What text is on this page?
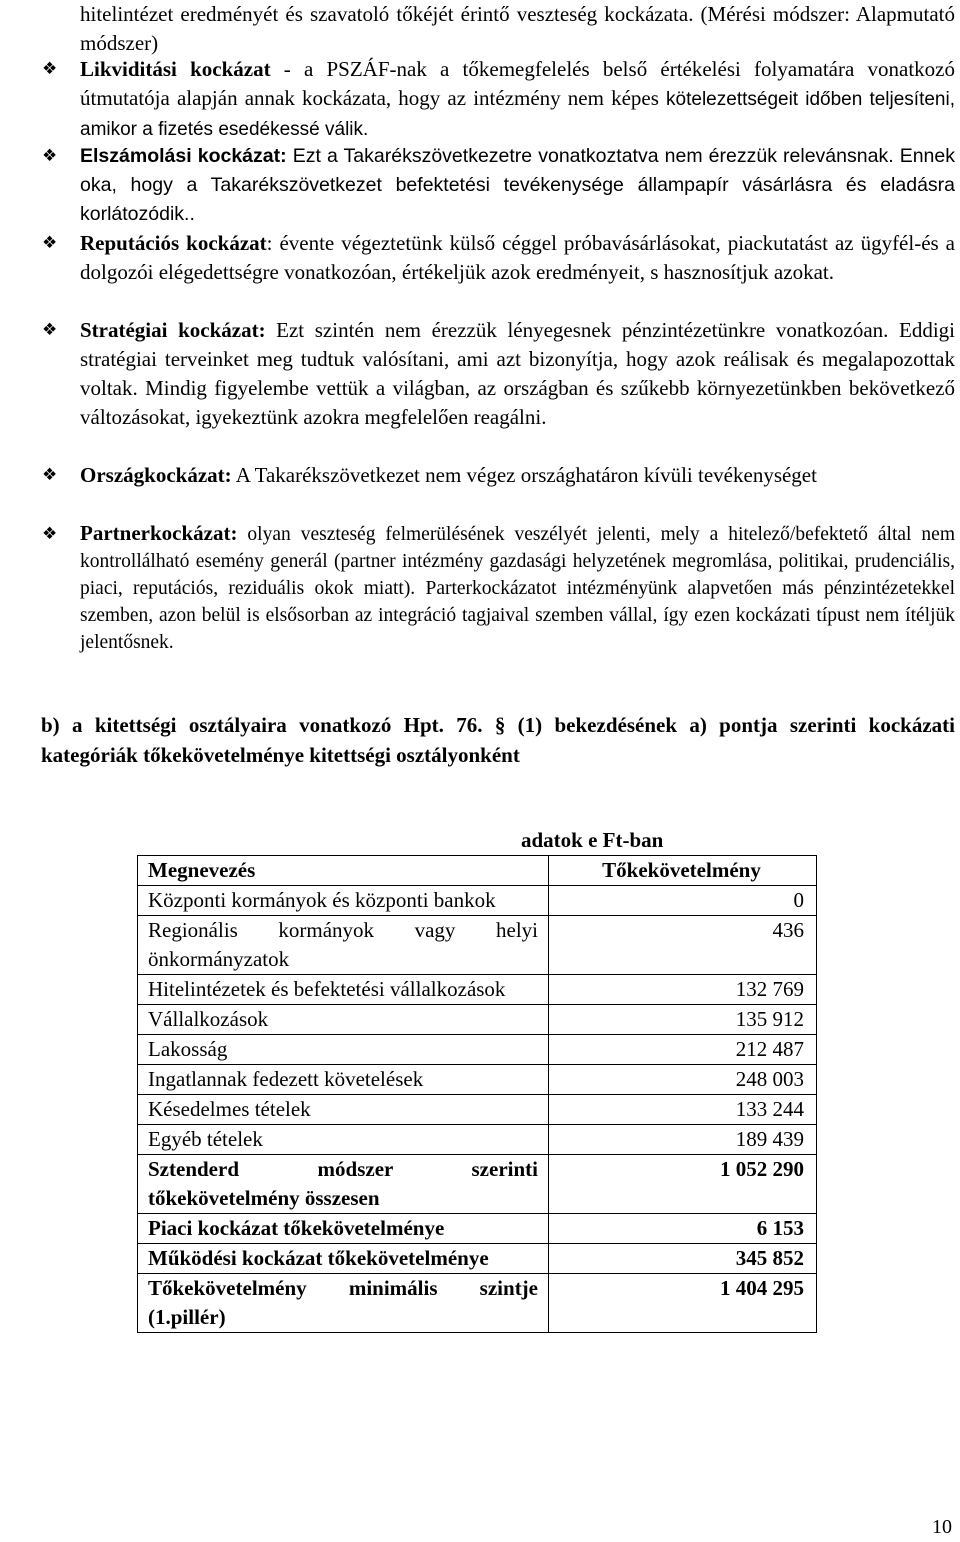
hitelintézet eredményét és szavatoló tőkéjét érintő veszteség kockázata. (Mérési módszer: Alapmutató módszer)
❖ Likviditási kockázat - a PSZÁF-nak a tőkemegfelelés belső értékelési folyamatára vonatkozó útmutatója alapján annak kockázata, hogy az intézmény nem képes kötelezettségeit időben teljesíteni, amikor a fizetés esedékessé válik.
❖ Elszámolási kockázat: Ezt a Takarékszövetkezetre vonatkoztatva nem érezzük relevánsnak. Ennek oka, hogy a Takarékszövetkezet befektetési tevékenysége állampapír vásárlásra és eladásra korlátozódik..
❖ Reputációs kockázat: évente végeztetünk külső céggel próbavásárlásokat, piackutatást az ügyfél-és a dolgozói elégedettségre vonatkozóan, értékeljük azok eredményeit, s hasznosítjuk azokat.
❖ Stratégiai kockázat: Ezt szintén nem érezzük lényegesnek pénzintézetünkre vonatkozóan. Eddigi stratégiai terveinket meg tudtuk valósítani, ami azt bizonyítja, hogy azok reálisak és megalapozottak voltak. Mindig figyelembe vettük a világban, az országban és szűkebb környezetünkben bekövetkező változásokat, igyekeztünk azokra megfelelően reagálni.
❖ Országkockázat: A Takarékszövetkezet nem végez országhatáron kívüli tevékenységet
❖ Partnerkockázat: olyan veszteség felmerülésének veszélyét jelenti, mely a hitelező/befektető által nem kontrollálható esemény generál (partner intézmény gazdasági helyzetének megromlása, politikai, prudenciális, piaci, reputációs, reziduális okok miatt). Parterkockázatot intézményünk alapvetően más pénzintézetekkel szemben, azon belül is elsősorban az integráció tagjaival szemben vállal, így ezen kockázati típust nem ítéljük jelentősnek.
b) a kitettségi osztályaira vonatkozó Hpt. 76. § (1) bekezdésének a) pontja szerinti kockázati kategóriák tőkekövetelménye kitettségi osztályonként
adatok e Ft-ban
Megnevezés	Tőkekövetelmény
Központi kormányok és központi bankok	0
Regionális kormányok vagy helyi önkormányzatok	436
Hitelintézetek és befektetési vállalkozások	132 769
Vállalkozások	135 912
Lakosság	212 487
Ingatlannak fedezett követelések	248 003
Késedelmes tételek	133 244
Egyéb tételek	189 439
Sztenderd módszer szerinti tőkekövetelmény összesen	1 052 290
Piaci kockázat tőkekövetelménye	6 153
Működési kockázat tőkekövetelménye	345 852
Tőkekövetelmény minimális szintje (1.pillér)	1 404 295
10
